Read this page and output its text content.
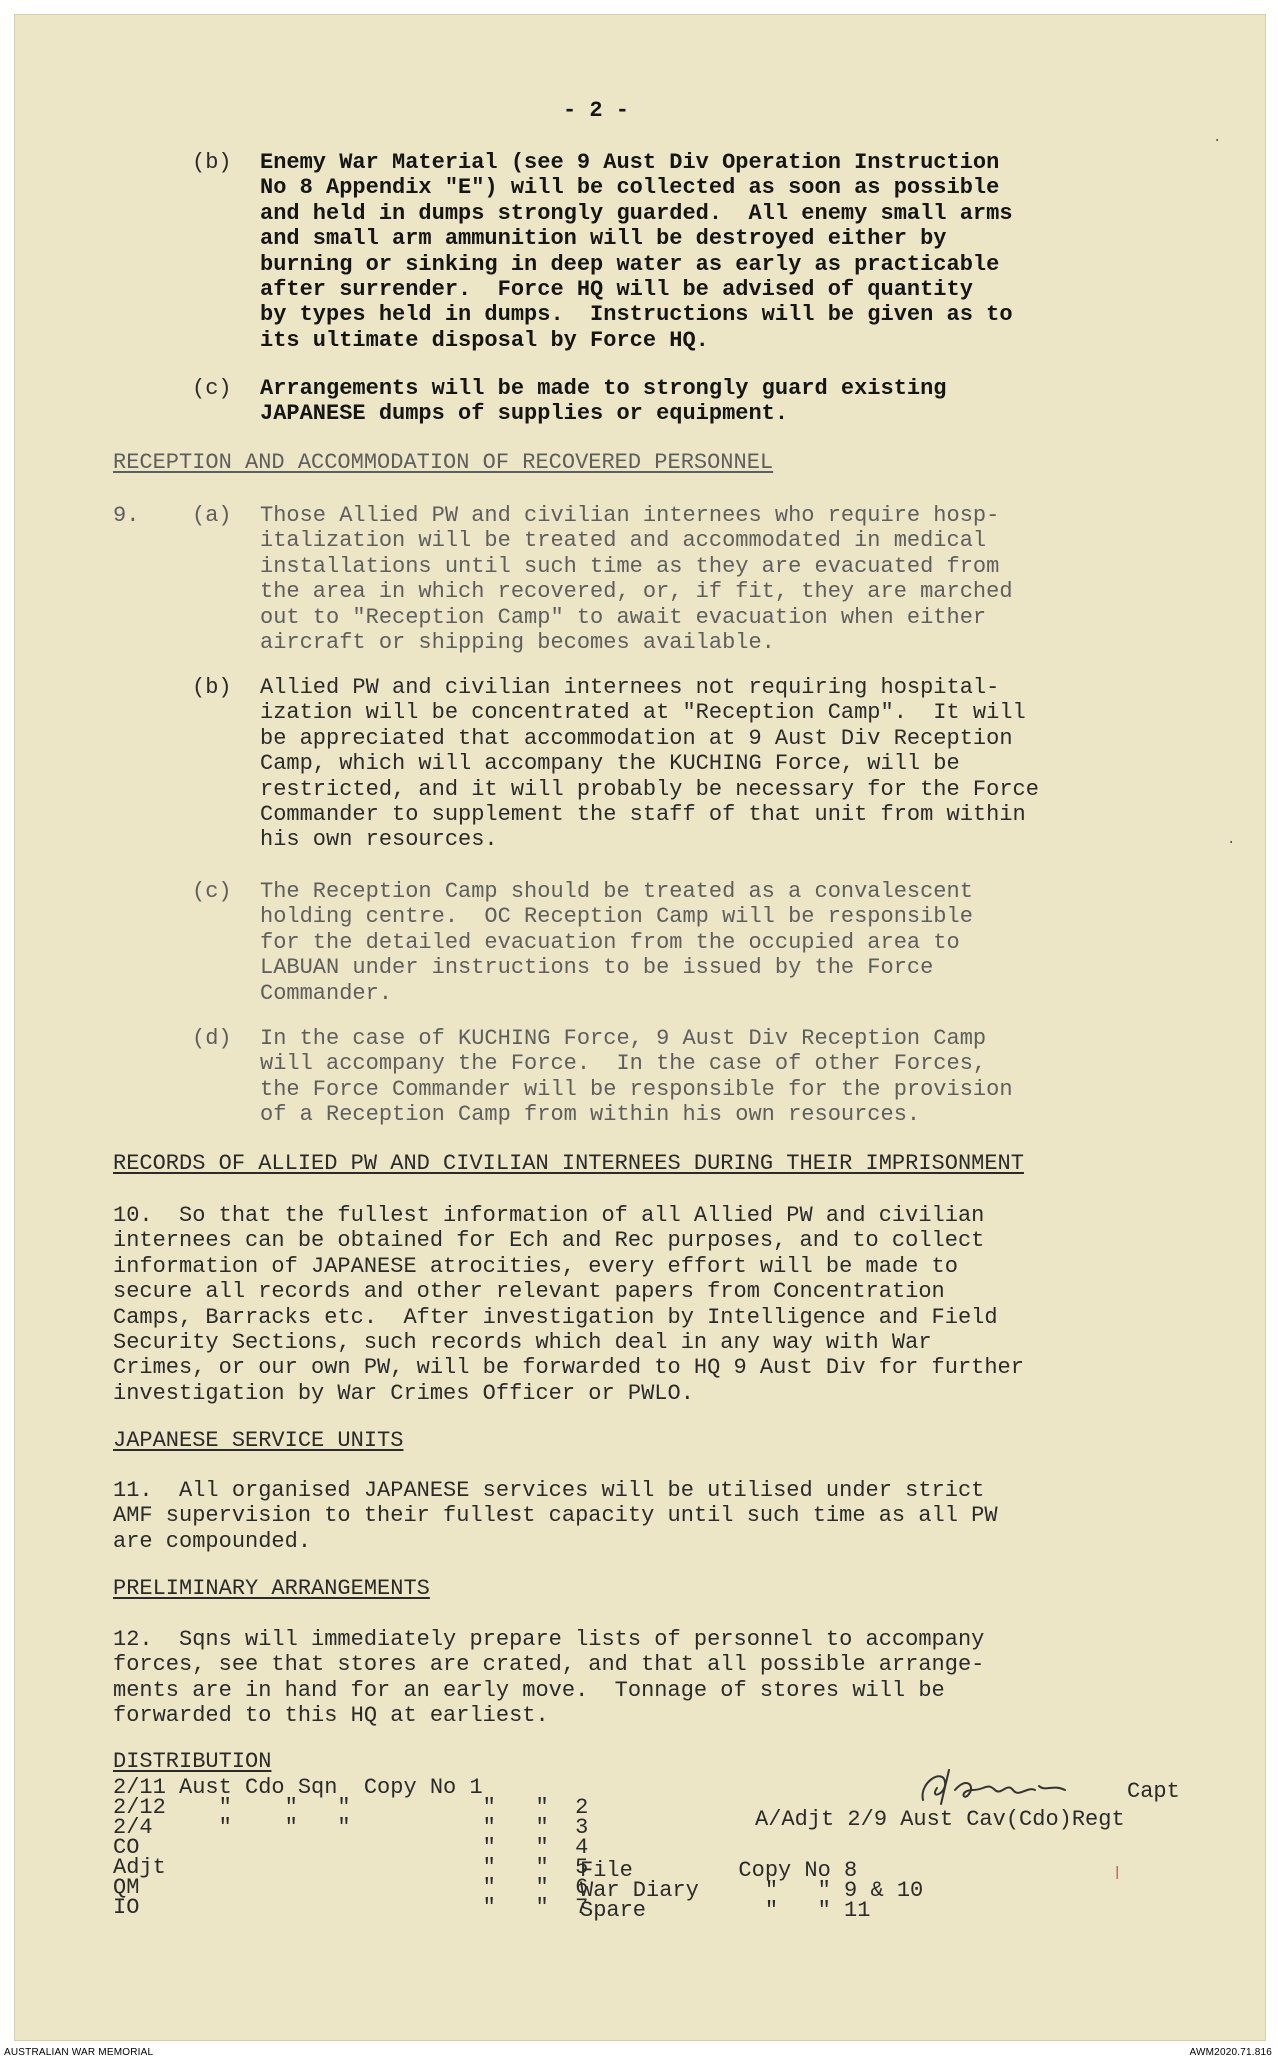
- 2 -
(b) Enemy War Material (see 9 Aust Div Operation Instruction
No 8 Appendix "E") will be collected as soon as possible
and held in dumps strongly guarded.  All enemy small arms
and small arm ammunition will be destroyed either by
burning or sinking in deep water as early as practicable
after surrender.  Force HQ will be advised of quantity
by types held in dumps.  Instructions will be given as to
its ultimate disposal by Force HQ.
(c) Arrangements will be made to strongly guard existing
JAPANESE dumps of supplies or equipment.
RECEPTION AND ACCOMMODATION OF RECOVERED PERSONNEL
9. (a) Those Allied PW and civilian internees who require hosp-
italization will be treated and accommodated in medical
installations until such time as they are evacuated from
the area in which recovered, or, if fit, they are marched
out to "Reception Camp" to await evacuation when either
aircraft or shipping becomes available.
(b) Allied PW and civilian internees not requiring hospital-
ization will be concentrated at "Reception Camp".  It will
be appreciated that accommodation at 9 Aust Div Reception
Camp, which will accompany the KUCHING Force, will be
restricted, and it will probably be necessary for the Force
Commander to supplement the staff of that unit from within
his own resources.
(c) The Reception Camp should be treated as a convalescent
holding centre.  OC Reception Camp will be responsible
for the detailed evacuation from the occupied area to
LABUAN under instructions to be issued by the Force
Commander.
(d) In the case of KUCHING Force, 9 Aust Div Reception Camp
will accompany the Force.  In the case of other Forces,
the Force Commander will be responsible for the provision
of a Reception Camp from within his own resources.
RECORDS OF ALLIED PW AND CIVILIAN INTERNEES DURING THEIR IMPRISONMENT
10.  So that the fullest information of all Allied PW and civilian
internees can be obtained for Ech and Rec purposes, and to collect
information of JAPANESE atrocities, every effort will be made to
secure all records and other relevant papers from Concentration
Camps, Barracks etc.  After investigation by Intelligence and Field
Security Sections, such records which deal in any way with War
Crimes, or our own PW, will be forwarded to HQ 9 Aust Div for further
investigation by War Crimes Officer or PWLO.
JAPANESE SERVICE UNITS
11.  All organised JAPANESE services will be utilised under strict
AMF supervision to their fullest capacity until such time as all PW
are compounded.
PRELIMINARY ARRANGEMENTS
12.  Sqns will immediately prepare lists of personnel to accompany
forces, see that stores are crated, and that all possible arrange-
ments are in hand for an early move.  Tonnage of stores will be
forwarded to this HQ at earliest.
DISTRIBUTION
2/11 Aust Cdo Sqn  Copy No 1
2/12    "    "   "          "   "  2
2/4     "    "   "          "   "  3
CO                          "   "  4
Adjt                        "   "  5
QM                          "   "  6
IO                          "   "  7
File        Copy No 8
War Diary     "   " 9 & 10
Spare         "   " 11
Capt
A/Adjt 2/9 Aust Cav(Cdo)Regt
·
·
|
AUSTRALIAN WAR MEMORIAL	AWM2020.71.816
